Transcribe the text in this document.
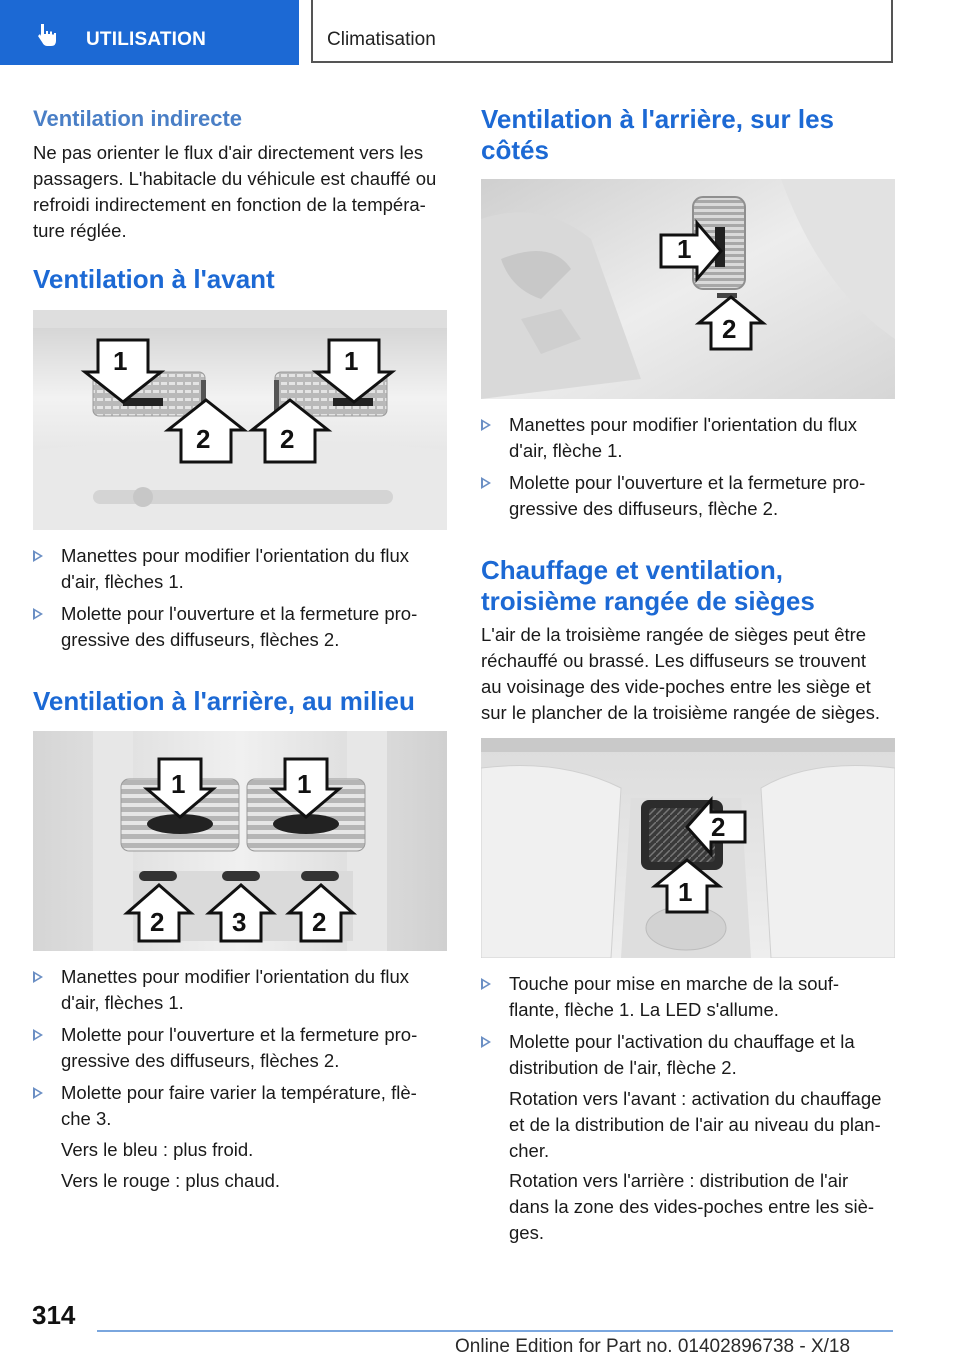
UTILISATION	Climatisation
Ventilation indirecte
Ne pas orienter le flux d'air directement vers les
passagers. L'habitacle du véhicule est chauffé ou
refroidi indirectement en fonction de la tempéra-
ture réglée.
Ventilation à l'avant
1	1
2	2
Manettes pour modifier l'orientation du flux
d'air, flèches 1.
Molette pour l'ouverture et la fermeture pro-
gressive des diffuseurs, flèches 2.
Ventilation à l'arrière, au milieu
1	1
2	3	2
Manettes pour modifier l'orientation du flux
d'air, flèches 1.
Molette pour l'ouverture et la fermeture pro-
gressive des diffuseurs, flèches 2.
Molette pour faire varier la température, flè-
che 3.
Vers le bleu : plus froid.
Vers le rouge : plus chaud.
Ventilation à l'arrière, sur les
côtés
1
2
Manettes pour modifier l'orientation du flux
d'air, flèche 1.
Molette pour l'ouverture et la fermeture pro-
gressive des diffuseurs, flèche 2.
Chauffage et ventilation,
troisième rangée de sièges
L'air de la troisième rangée de sièges peut être
réchauffé ou brassé. Les diffuseurs se trouvent
au voisinage des vide-poches entre les siège et
sur le plancher de la troisième rangée de sièges.
2
1
Touche pour mise en marche de la souf-
flante, flèche 1. La LED s'allume.
Molette pour l'activation du chauffage et la
distribution de l'air, flèche 2.
Rotation vers l'avant : activation du chauffage
et de la distribution de l'air au niveau du plan-
cher.
Rotation vers l'arrière : distribution de l'air
dans la zone des vides-poches entre les siè-
ges.
314
Online Edition for Part no. 01402896738 - X/18
